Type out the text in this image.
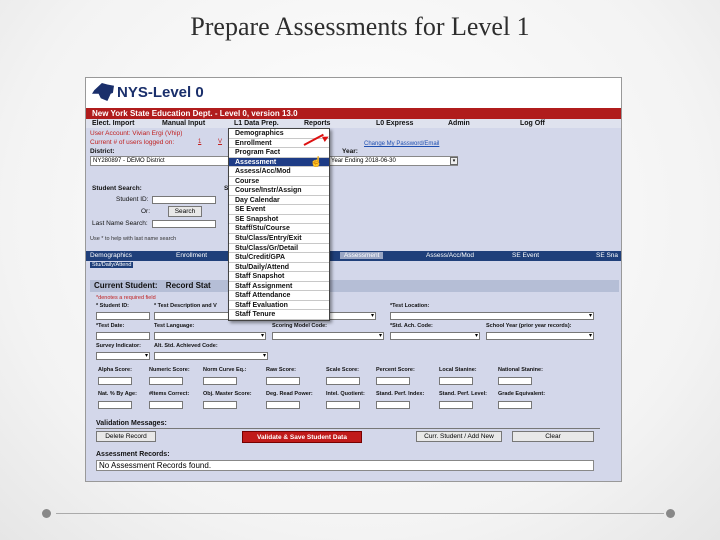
Prepare Assessments for Level 1
NYS-Level 0
New York State Education Dept. - Level 0, version 13.0
Elect. Import	Manual Input	L1 Data Prep.	Reports	L0 Express	Admin	Log Off
User Account: Vivian Ergi (Vhip)
Current # of users logged on:	1	V
District:
NY280897 - DEMO District
Year:
Year Ending 2018-06-30	▾
Change My Password/Email
Student Search:	S
Student ID:
Or:	Search
Last Name Search:
Use * to help with last name search
Demographics	Enrollment	Assessment	Assess/Acc/Mod	SE Event	SE Sna
Stu/Daily/Attend
Current Student: Record Stat
*denotes a required field
* Student ID:	* Test Description and V	*Test Location:
▾
▾
*Test Date:	Test Language:	Scoring Model Code:	*Std. Ach. Code:	School Year (prior year records):
▾
▾
▾
▾
Survey Indicator: Alt. Std. Achieved Code:
▾
▾
Alpha Score:	Numeric Score: Norm Curve Eq.:	Raw Score:	Scale Score:	Percent Score:	Local Stanine:	National Stanine:
Nat. % By Age: #Items Correct: Obj. Master Score:	Deg. Read Power: Intel. Quotient: Stand. Perf. Index:	Stand. Perf. Level: Grade Equivalent:
Validation Messages:
Delete Record	Validate & Save Student Data	Curr. Student / Add New	Clear
Assessment Records:
No Assessment Records found.
Demographics
Enrollment
Program Fact
Assessment
Assess/Acc/Mod
Course
Course/Instr/Assign
Day Calendar
SE Event
SE Snapshot
Staff/Stu/Course
Stu/Class/Entry/Exit
Stu/Class/Gr/Detail
Stu/Credit/GPA
Stu/Daily/Attend
Staff Snapshot
Staff Assignment
Staff Attendance
Staff Evaluation
Staff Tenure
☝
